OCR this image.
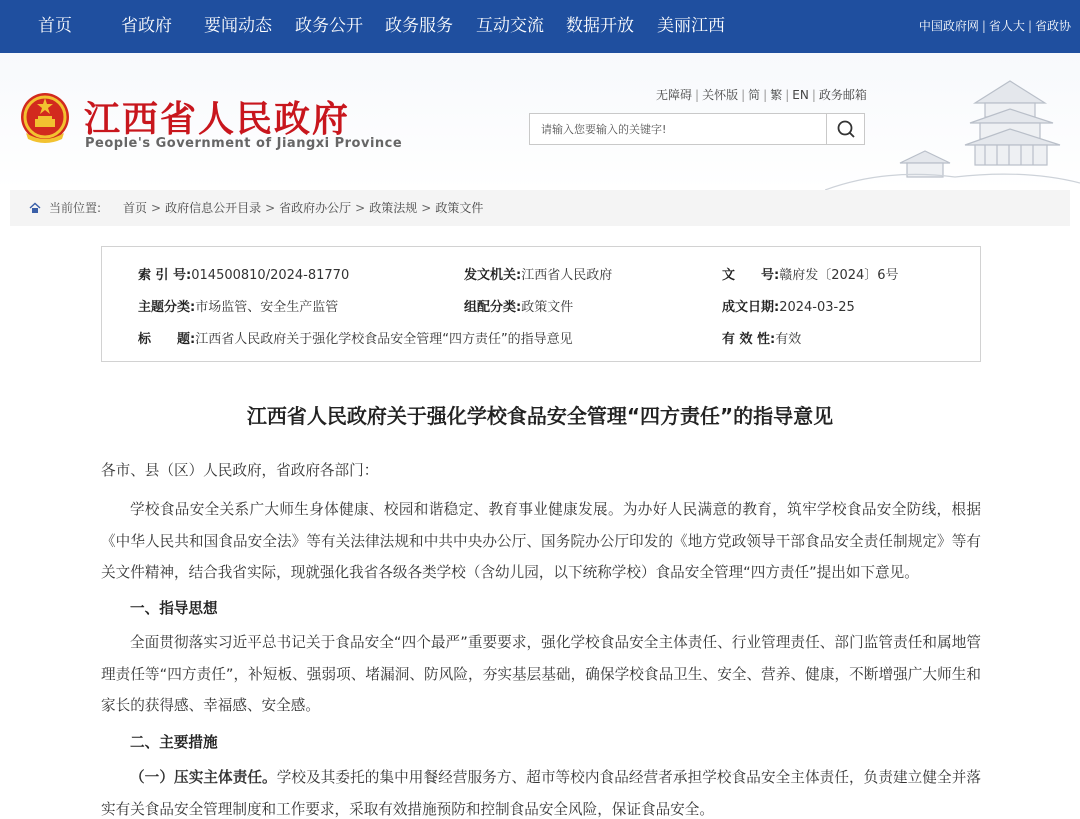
首页	省政府 要闻动态 政务公开 政务服务 互动交流 数据开放 美丽江西	中国政府网 | 省人大 | 省政协
江西省人民政府
People's Government of Jiangxi Province
无障碍 | 关怀版 | 简 | 繁 | EN | 政务邮箱
请输入您要输入的关键字!
当前位置: 首页 > 政府信息公开目录 > 省政府办公厅 > 政策法规 > 政策文件
索 引 号:014500810/2024-81770	发文机关:江西省人民政府	文　　号:赣府发〔2024〕6号
主题分类:市场监管、安全生产监管	组配分类:政策文件	成文日期:2024-03-25
标　　题:江西省人民政府关于强化学校食品安全管理“四方责任”的指导意见	有 效 性:有效
江西省人民政府关于强化学校食品安全管理“四方责任”的指导意见
各市、县（区）人民政府，省政府各部门：
学校食品安全关系广大师生身体健康、校园和谐稳定、教育事业健康发展。为办好人民满意的教育，筑牢学校食品安全防线，根据《中华人民共和国食品安全法》等有关法律法规和中共中央办公厅、国务院办公厅印发的《地方党政领导干部食品安全责任制规定》等有关文件精神，结合我省实际，现就强化我省各级各类学校（含幼儿园，以下统称学校）食品安全管理“四方责任”提出如下意见。
一、指导思想
全面贯彻落实习近平总书记关于食品安全“四个最严”重要要求，强化学校食品安全主体责任、行业管理责任、部门监管责任和属地管理责任等“四方责任”，补短板、强弱项、堵漏洞、防风险，夯实基层基础，确保学校食品卫生、安全、营养、健康，不断增强广大师生和家长的获得感、幸福感、安全感。
二、主要措施
（一）压实主体责任。学校及其委托的集中用餐经营服务方、超市等校内食品经营者承担学校食品安全主体责任，负责建立健全并落实有关食品安全管理制度和工作要求，采取有效措施预防和控制食品安全风险，保证食品安全。
